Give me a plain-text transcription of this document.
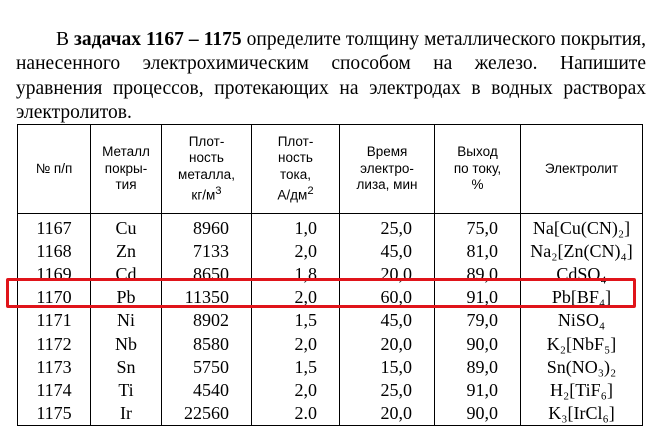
В задачах 1167 – 1175 определите толщину металлического покрытия, нанесенного электрохимическим способом на железо. Напишите уравнения процессов, протекающих на электродах в водных растворах электролитов.

№ п/п	Металл
покры-
тия	Плот-
ность
металла,
$кг/м^3$	Плот-
ность
тока,
$А/дм^2$	Время
электро-
лиза, мин	Выход
по току,
%	Электролит
1167	Cu	8960	1,0	25,0	75,0	Na[Cu(CN)₂]
1168	Zn	7133	2,0	45,0	81,0	Na₂[Zn(CN)₄]
1169	Cd	8650	1,8	20,0	89,0	CdSO₄
1170	Pb	11350	2,0	60,0	91,0	Pb[BF₄]
1171	Ni	8902	1,5	45,0	79,0	NiSO₄
1172	Nb	8580	2,0	20,0	90,0	K₂[NbF₅]
1173	Sn	5750	1,5	15,0	89,0	Sn(NO₃)₂
1174	Ti	4540	2,0	25,0	91,0	H₂[TiF₆]
1175	Ir	22560	2.0	20,0	90,0	K₃[IrCl₆]
